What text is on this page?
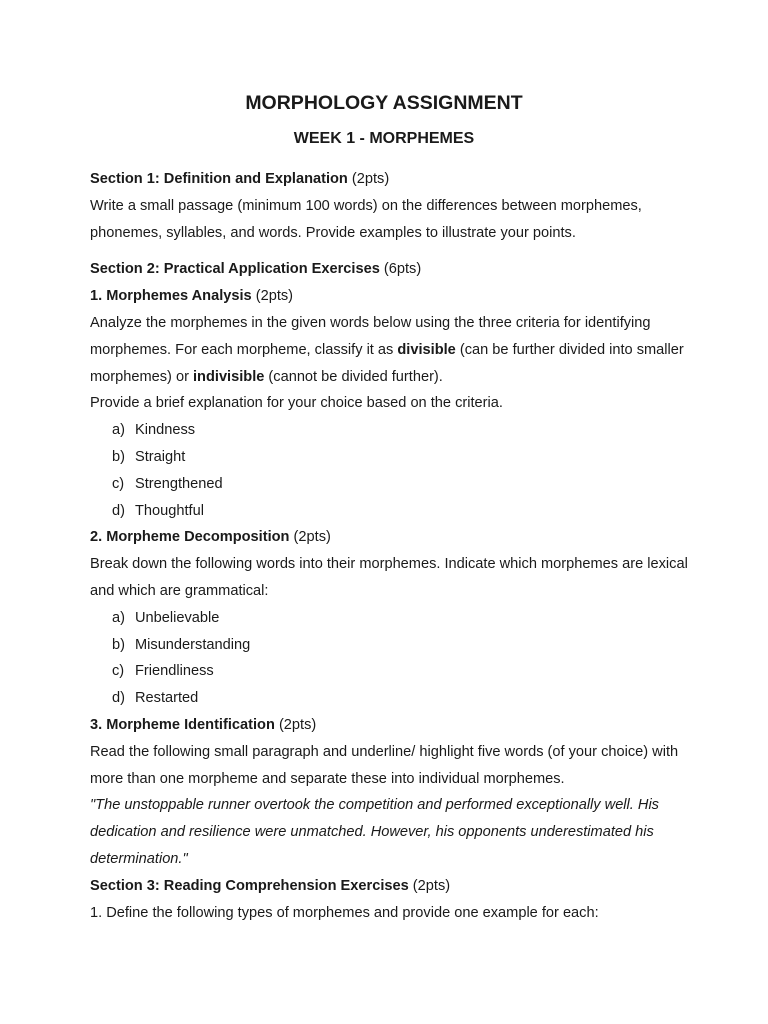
MORPHOLOGY ASSIGNMENT
WEEK 1 - MORPHEMES

Section 1: Definition and Explanation (2pts)

Write a small passage (minimum 100 words) on the differences between morphemes, phonemes, syllables, and words. Provide examples to illustrate your points.

Section 2: Practical Application Exercises (6pts)

1. Morphemes Analysis (2pts)

Analyze the morphemes in the given words below using the three criteria for identifying morphemes. For each morpheme, classify it as divisible (can be further divided into smaller morphemes) or indivisible (cannot be divided further).

Provide a brief explanation for your choice based on the criteria.

a) Kindness
b) Straight
c) Strengthened
d) Thoughtful

2. Morpheme Decomposition (2pts)

Break down the following words into their morphemes. Indicate which morphemes are lexical and which are grammatical:

a) Unbelievable
b) Misunderstanding
c) Friendliness
d) Restarted

3. Morpheme Identification (2pts)

Read the following small paragraph and underline/ highlight five words (of your choice) with more than one morpheme and separate these into individual morphemes.

"The unstoppable runner overtook the competition and performed exceptionally well. His dedication and resilience were unmatched. However, his opponents underestimated his determination."

Section 3: Reading Comprehension Exercises (2pts)

1. Define the following types of morphemes and provide one example for each:
